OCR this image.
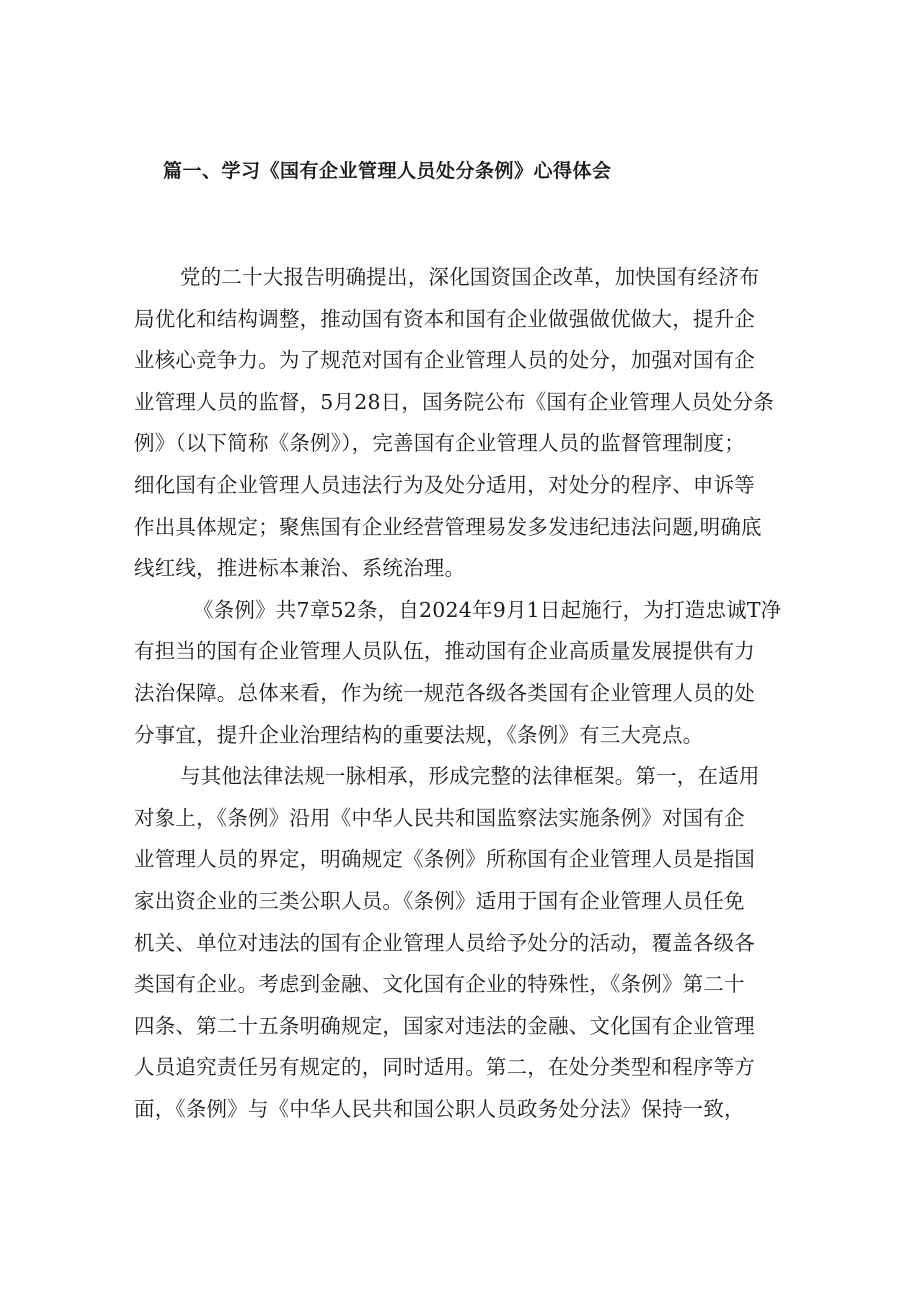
篇一、学习《国有企业管理人员处分条例》心得体会
党的二十大报告明确提出，深化国资国企改革，加快国有经济布
局优化和结构调整，推动国有资本和国有企业做强做优做大，提升企
业核心竞争力。为了规范对国有企业管理人员的处分，加强对国有企
业管理人员的监督，5月28日，国务院公布《国有企业管理人员处分条
例》（以下简称《条例》），完善国有企业管理人员的监督管理制度；
细化国有企业管理人员违法行为及处分适用，对处分的程序、申诉等
作出具体规定；聚焦国有企业经营管理易发多发违纪违法问题,明确底
线红线，推进标本兼治、系统治理。
《条例》共7章52条，自2024年9月1日起施行，为打造忠诚T净
有担当的国有企业管理人员队伍，推动国有企业高质量发展提供有力
法治保障。总体来看，作为统一规范各级各类国有企业管理人员的处
分事宜，提升企业治理结构的重要法规，《条例》有三大亮点。
与其他法律法规一脉相承，形成完整的法律框架。第一，在适用
对象上，《条例》沿用《中华人民共和国监察法实施条例》对国有企
业管理人员的界定，明确规定《条例》所称国有企业管理人员是指国
家出资企业的三类公职人员。《条例》适用于国有企业管理人员任免
机关、单位对违法的国有企业管理人员给予处分的活动，覆盖各级各
类国有企业。考虑到金融、文化国有企业的特殊性，《条例》第二十
四条、第二十五条明确规定，国家对违法的金融、文化国有企业管理
人员追究责任另有规定的，同时适用。第二，在处分类型和程序等方
面，《条例》与《中华人民共和国公职人员政务处分法》保持一致，
